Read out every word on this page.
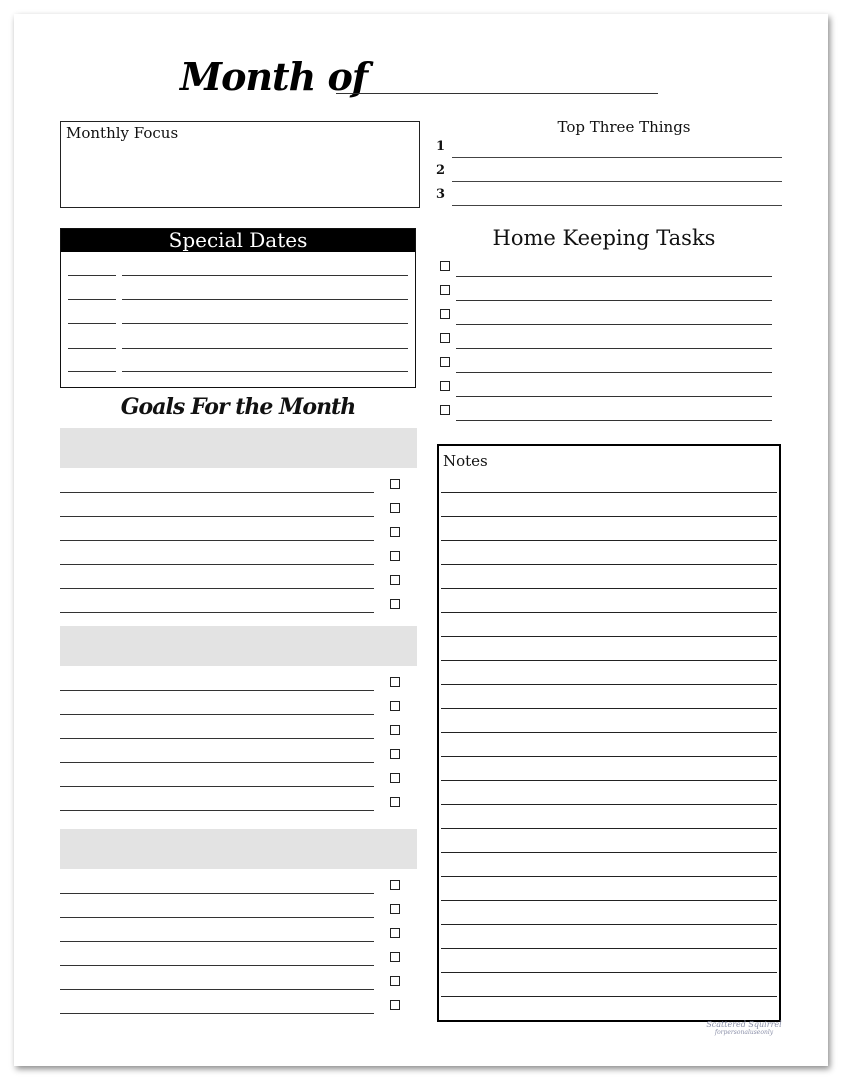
Month of
Monthly Focus	Top Three Things
1
2
3
Special Dates
Goals For the Month
Home Keeping Tasks
Notes
Scattered Squirrel
forpersonaluseonly
